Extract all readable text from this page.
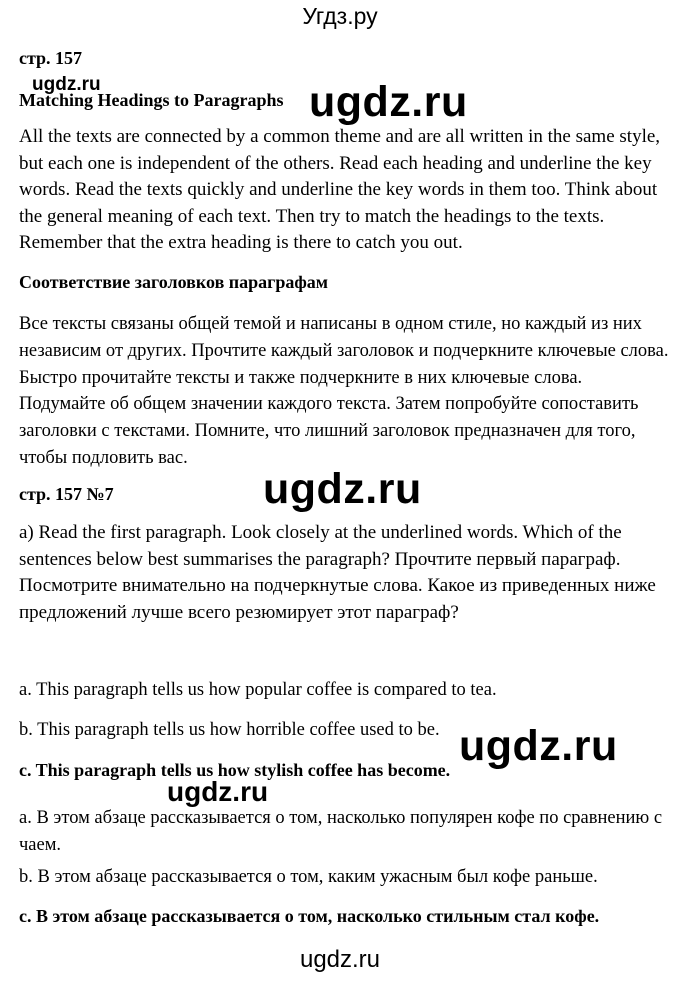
Угдз.ру
стр. 157
ugdz.ru
Matching Headings to Paragraphs ugdz.ru
All the texts are connected by a common theme and are all written in the same style, but each one is independent of the others. Read each heading and underline the key words. Read the texts quickly and underline the key words in them too. Think about the general meaning of each text. Then try to match the headings to the texts. Remember that the extra heading is there to catch you out.
Соответствие заголовков параграфам
Все тексты связаны общей темой и написаны в одном стиле, но каждый из них независим от других. Прочтите каждый заголовок и подчеркните ключевые слова. Быстро прочитайте тексты и также подчеркните в них ключевые слова. Подумайте об общем значении каждого текста. Затем попробуйте сопоставить заголовки с текстами. Помните, что лишний заголовок предназначен для того, чтобы подловить вас.
стр. 157 №7	ugdz.ru
a) Read the first paragraph. Look closely at the underlined words. Which of the sentences below best summarises the paragraph? Прочтите первый параграф. Посмотрите внимательно на подчеркнутые слова. Какое из приведенных ниже предложений лучше всего резюмирует этот параграф?
a. This paragraph tells us how popular coffee is compared to tea.
b. This paragraph tells us how horrible coffee used to be. ugdz.ru
c. This paragraph tells us how stylish coffee has become.
ugdz.ru
a. В этом абзаце рассказывается о том, насколько популярен кофе по сравнению с чаем.
b. В этом абзаце рассказывается о том, каким ужасным был кофе раньше.
c. В этом абзаце рассказывается о том, насколько стильным стал кофе.
ugdz.ru
